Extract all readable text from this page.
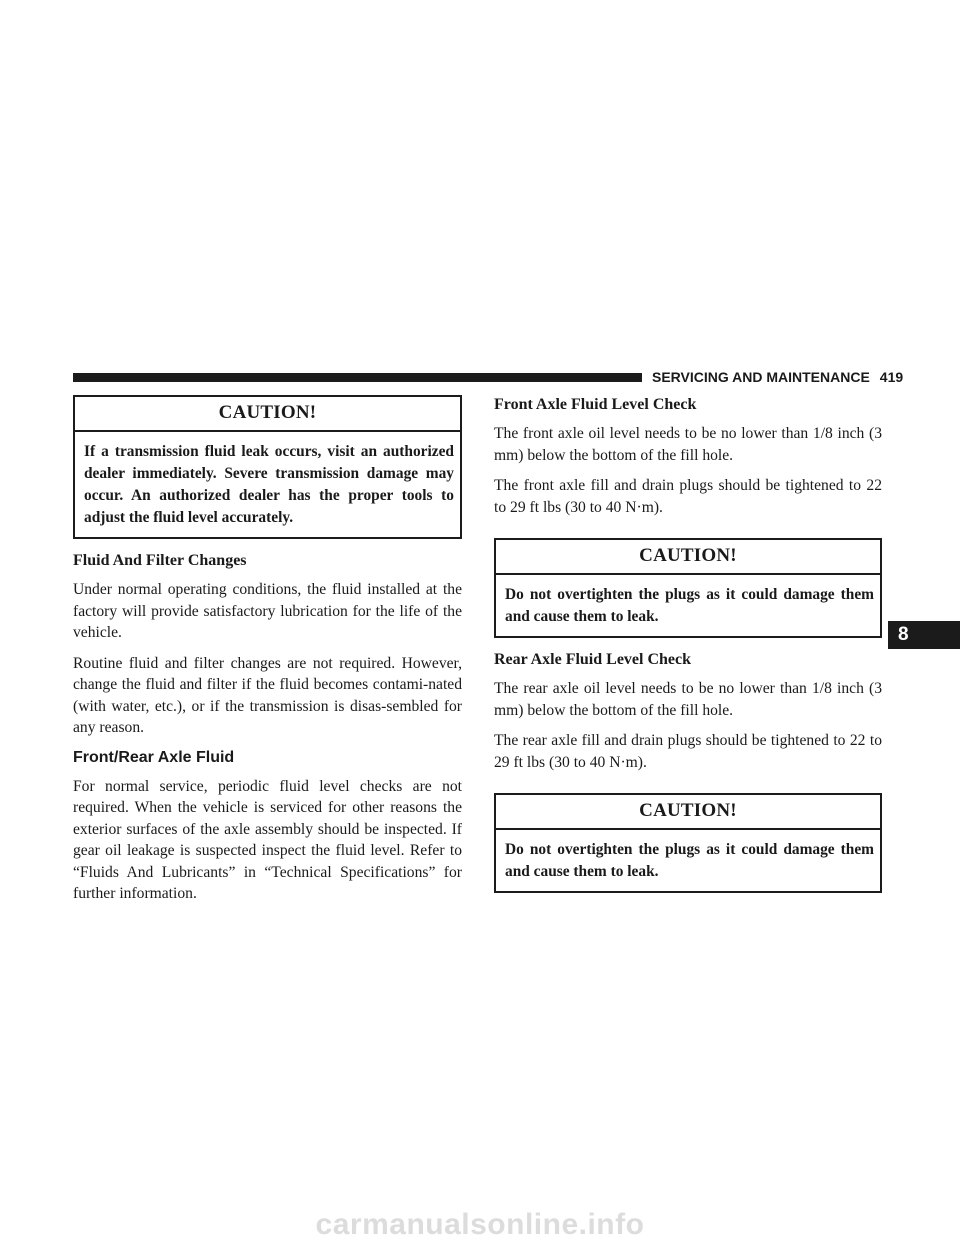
SERVICING AND MAINTENANCE 419
CAUTION!
If a transmission fluid leak occurs, visit an authorized dealer immediately. Severe transmission damage may occur. An authorized dealer has the proper tools to adjust the fluid level accurately.
Fluid And Filter Changes

Under normal operating conditions, the fluid installed at the factory will provide satisfactory lubrication for the life of the vehicle.

Routine fluid and filter changes are not required. However, change the fluid and filter if the fluid becomes contami-nated (with water, etc.), or if the transmission is disas-sembled for any reason.

Front/Rear Axle Fluid

For normal service, periodic fluid level checks are not required. When the vehicle is serviced for other reasons the exterior surfaces of the axle assembly should be inspected. If gear oil leakage is suspected inspect the fluid level. Refer to “Fluids And Lubricants” in “Technical Specifications” for further information.

Front Axle Fluid Level Check

The front axle oil level needs to be no lower than 1/8 inch (3 mm) below the bottom of the fill hole.

The front axle fill and drain plugs should be tightened to 22 to 29 ft lbs (30 to 40 N·m).

CAUTION!
Do not overtighten the plugs as it could damage them and cause them to leak.
Rear Axle Fluid Level Check

The rear axle oil level needs to be no lower than 1/8 inch (3 mm) below the bottom of the fill hole.

The rear axle fill and drain plugs should be tightened to 22 to 29 ft lbs (30 to 40 N·m).

CAUTION!
Do not overtighten the plugs as it could damage them and cause them to leak.
8
carmanualsonline.info
